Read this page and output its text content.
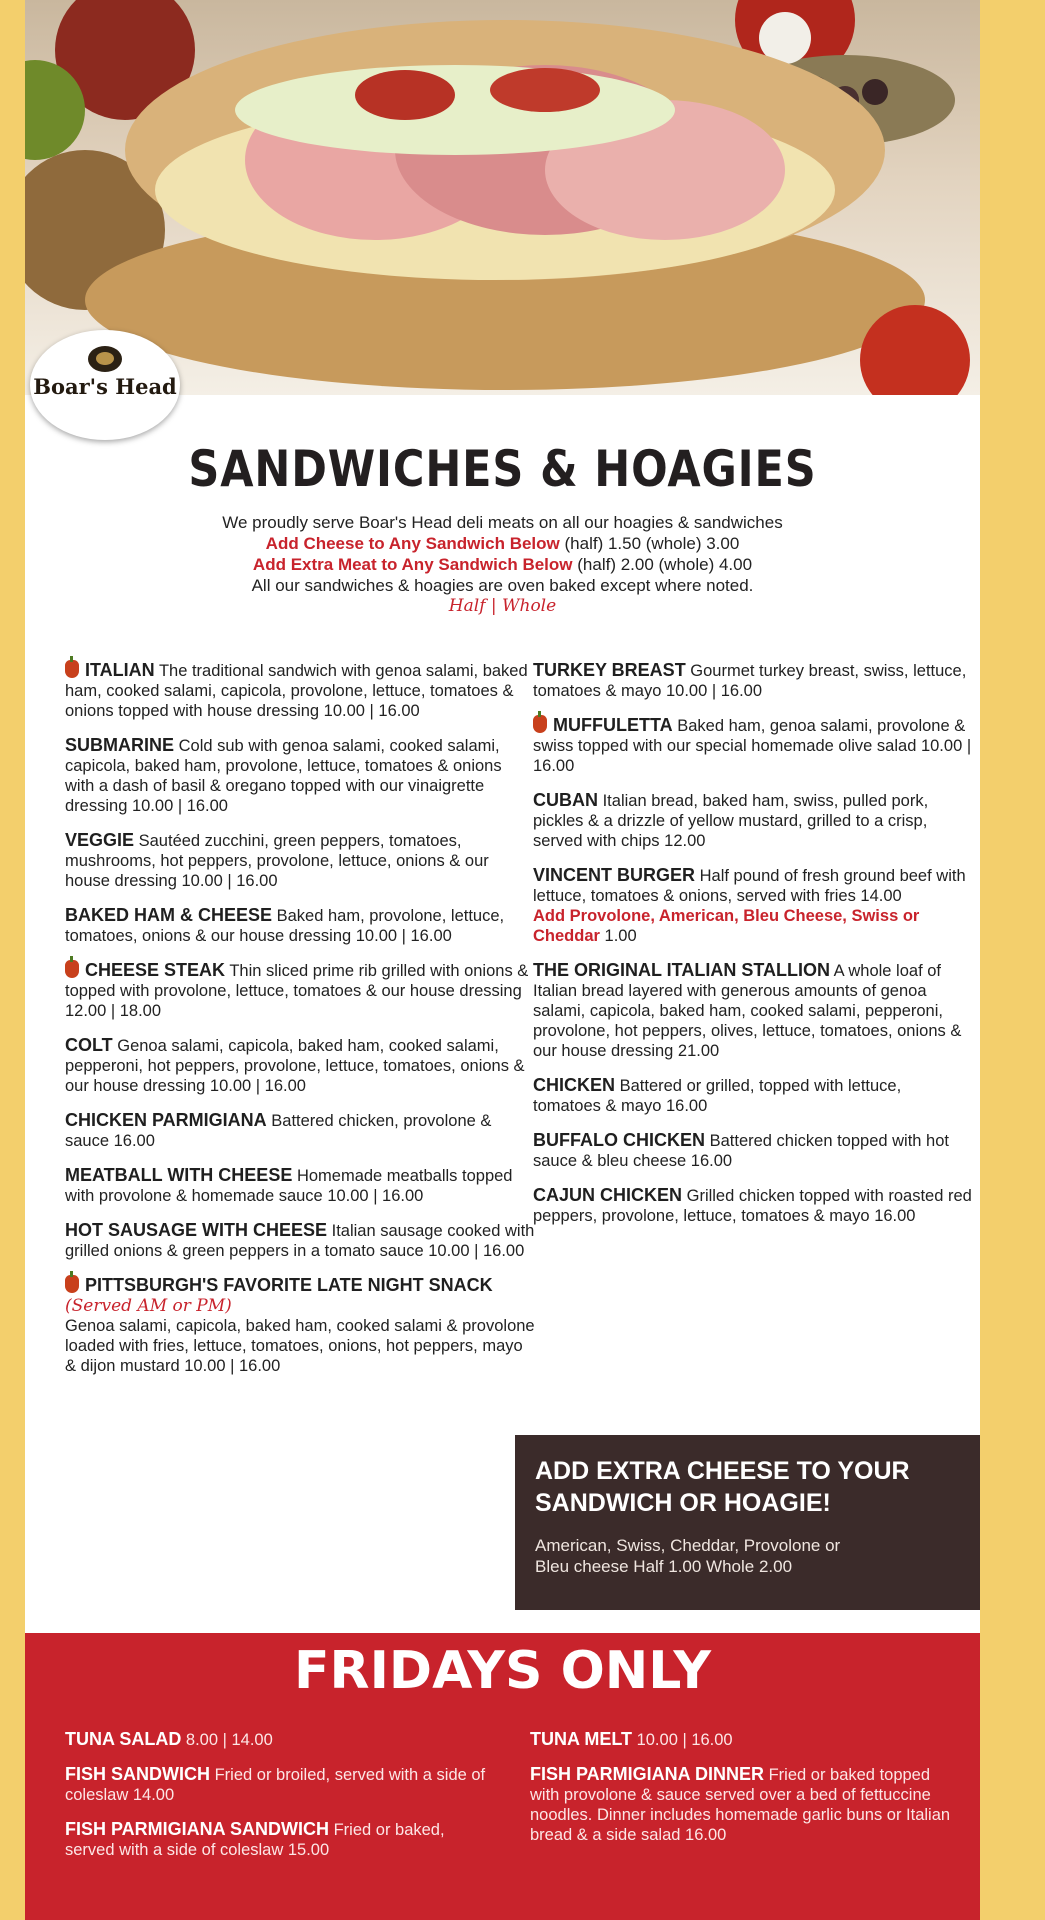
Boar's Head
SANDWICHES & HOAGIES
We proudly serve Boar's Head deli meats on all our hoagies & sandwiches
Add Cheese to Any Sandwich Below (half) 1.50 (whole) 3.00
Add Extra Meat to Any Sandwich Below (half) 2.00 (whole) 4.00
All our sandwiches & hoagies are oven baked except where noted.
Half | Whole
ITALIAN The traditional sandwich with genoa salami, baked ham, cooked salami, capicola, provolone, lettuce, tomatoes & onions topped with house dressing 10.00 | 16.00
SUBMARINE Cold sub with genoa salami, cooked salami, capicola, baked ham, provolone, lettuce, tomatoes & onions with a dash of basil & oregano topped with our vinaigrette dressing 10.00 | 16.00
VEGGIE Sautéed zucchini, green peppers, tomatoes, mushrooms, hot peppers, provolone, lettuce, onions & our house dressing 10.00 | 16.00
BAKED HAM & CHEESE Baked ham, provolone, lettuce, tomatoes, onions & our house dressing 10.00 | 16.00
CHEESE STEAK Thin sliced prime rib grilled with onions & topped with provolone, lettuce, tomatoes & our house dressing 12.00 | 18.00
COLT Genoa salami, capicola, baked ham, cooked salami, pepperoni, hot peppers, provolone, lettuce, tomatoes, onions & our house dressing 10.00 | 16.00
CHICKEN PARMIGIANA Battered chicken, provolone & sauce 16.00
MEATBALL WITH CHEESE Homemade meatballs topped with provolone & homemade sauce 10.00 | 16.00
HOT SAUSAGE WITH CHEESE Italian sausage cooked with grilled onions & green peppers in a tomato sauce 10.00 | 16.00
PITTSBURGH'S FAVORITE LATE NIGHT SNACK (Served AM or PM)
Genoa salami, capicola, baked ham, cooked salami & provolone loaded with fries, lettuce, tomatoes, onions, hot peppers, mayo & dijon mustard 10.00 | 16.00
TURKEY BREAST Gourmet turkey breast, swiss, lettuce, tomatoes & mayo 10.00 | 16.00
MUFFULETTA Baked ham, genoa salami, provolone & swiss topped with our special homemade olive salad 10.00 | 16.00
CUBAN Italian bread, baked ham, swiss, pulled pork, pickles & a drizzle of yellow mustard, grilled to a crisp, served with chips 12.00
VINCENT BURGER Half pound of fresh ground beef with lettuce, tomatoes & onions, served with fries 14.00
Add Provolone, American, Bleu Cheese, Swiss or Cheddar 1.00
THE ORIGINAL ITALIAN STALLION A whole loaf of Italian bread layered with generous amounts of genoa salami, capicola, baked ham, cooked salami, pepperoni, provolone, hot peppers, olives, lettuce, tomatoes, onions & our house dressing 21.00
CHICKEN Battered or grilled, topped with lettuce, tomatoes & mayo 16.00
BUFFALO CHICKEN Battered chicken topped with hot sauce & bleu cheese 16.00
CAJUN CHICKEN Grilled chicken topped with roasted red peppers, provolone, lettuce, tomatoes & mayo 16.00
ADD EXTRA CHEESE TO YOUR SANDWICH OR HOAGIE!
American, Swiss, Cheddar, Provolone or Bleu cheese Half 1.00 Whole 2.00
FRIDAYS ONLY
TUNA SALAD 8.00 | 14.00
FISH SANDWICH Fried or broiled, served with a side of coleslaw 14.00
FISH PARMIGIANA SANDWICH Fried or baked, served with a side of coleslaw 15.00
TUNA MELT 10.00 | 16.00
FISH PARMIGIANA DINNER Fried or baked topped with provolone & sauce served over a bed of fettuccine noodles. Dinner includes homemade garlic buns or Italian bread & a side salad 16.00
